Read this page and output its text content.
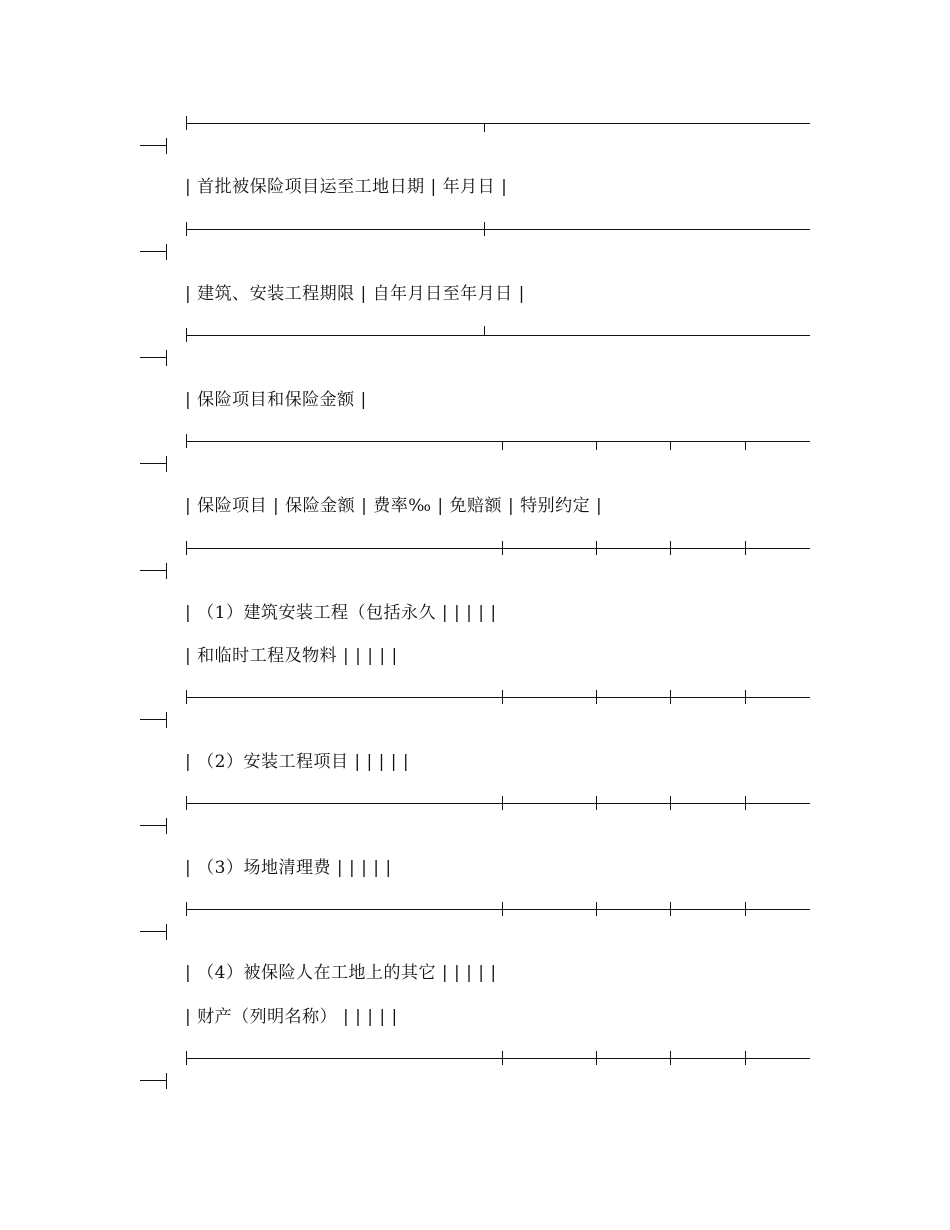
| 首批被保险项目运至工地日期 | 年月日 |
| 建筑、安装工程期限 | 自年月日至年月日 |
| 保险项目和保险金额 |
| 保险项目 | 保险金额 | 费率‰ | 免赔额 | 特别约定 |
| （1）建筑安装工程（包括永久 | | | | |
| 和临时工程及物料 | | | | |
| （2）安装工程项目 | | | | |
| （3）场地清理费 | | | | |
| （4）被保险人在工地上的其它 | | | | |
| 财产（列明名称） | | | | |
